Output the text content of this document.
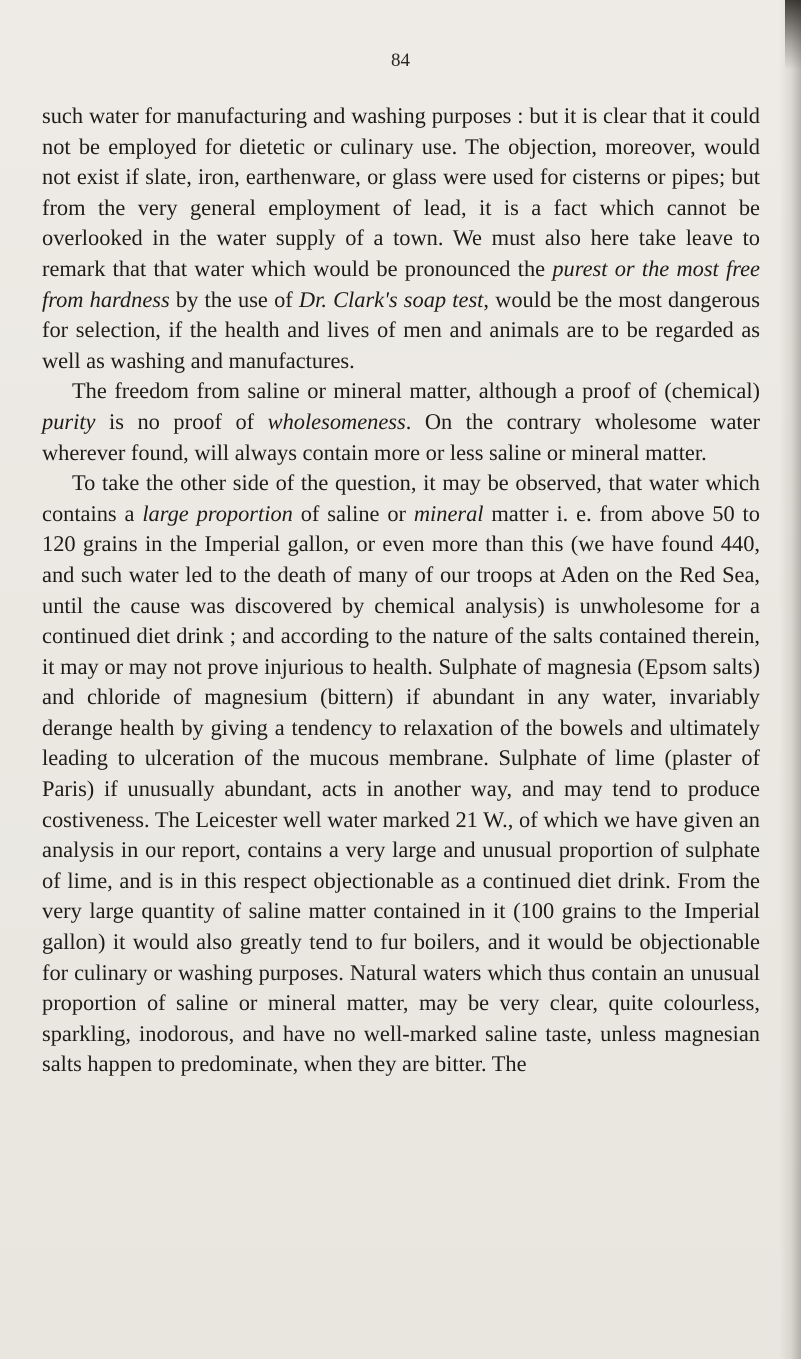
84

such water for manufacturing and washing purposes : but it is clear that it could not be employed for dietetic or culinary use. The objection, moreover, would not exist if slate, iron, earthenware, or glass were used for cisterns or pipes; but from the very general employment of lead, it is a fact which cannot be overlooked in the water supply of a town. We must also here take leave to remark that that water which would be pronounced the purest or the most free from hardness by the use of Dr. Clark's soap test, would be the most dangerous for selection, if the health and lives of men and animals are to be regarded as well as washing and manufactures.

The freedom from saline or mineral matter, although a proof of (chemical) purity is no proof of wholesomeness. On the contrary wholesome water wherever found, will always contain more or less saline or mineral matter.

To take the other side of the question, it may be observed, that water which contains a large proportion of saline or mineral matter i. e. from above 50 to 120 grains in the Imperial gallon, or even more than this (we have found 440, and such water led to the death of many of our troops at Aden on the Red Sea, until the cause was discovered by chemical analysis) is unwholesome for a continued diet drink ; and according to the nature of the salts contained therein, it may or may not prove injurious to health. Sulphate of magnesia (Epsom salts) and chloride of magnesium (bittern) if abundant in any water, invariably derange health by giving a tendency to relaxation of the bowels and ultimately leading to ulceration of the mucous membrane. Sulphate of lime (plaster of Paris) if unusually abundant, acts in another way, and may tend to produce costiveness. The Leicester well water marked 21 W., of which we have given an analysis in our report, contains a very large and unusual proportion of sulphate of lime, and is in this respect objectionable as a continued diet drink. From the very large quantity of saline matter contained in it (100 grains to the Imperial gallon) it would also greatly tend to fur boilers, and it would be objectionable for culinary or washing purposes. Natural waters which thus contain an unusual proportion of saline or mineral matter, may be very clear, quite colourless, sparkling, inodorous, and have no well-marked saline taste, unless magnesian salts happen to predominate, when they are bitter. The
